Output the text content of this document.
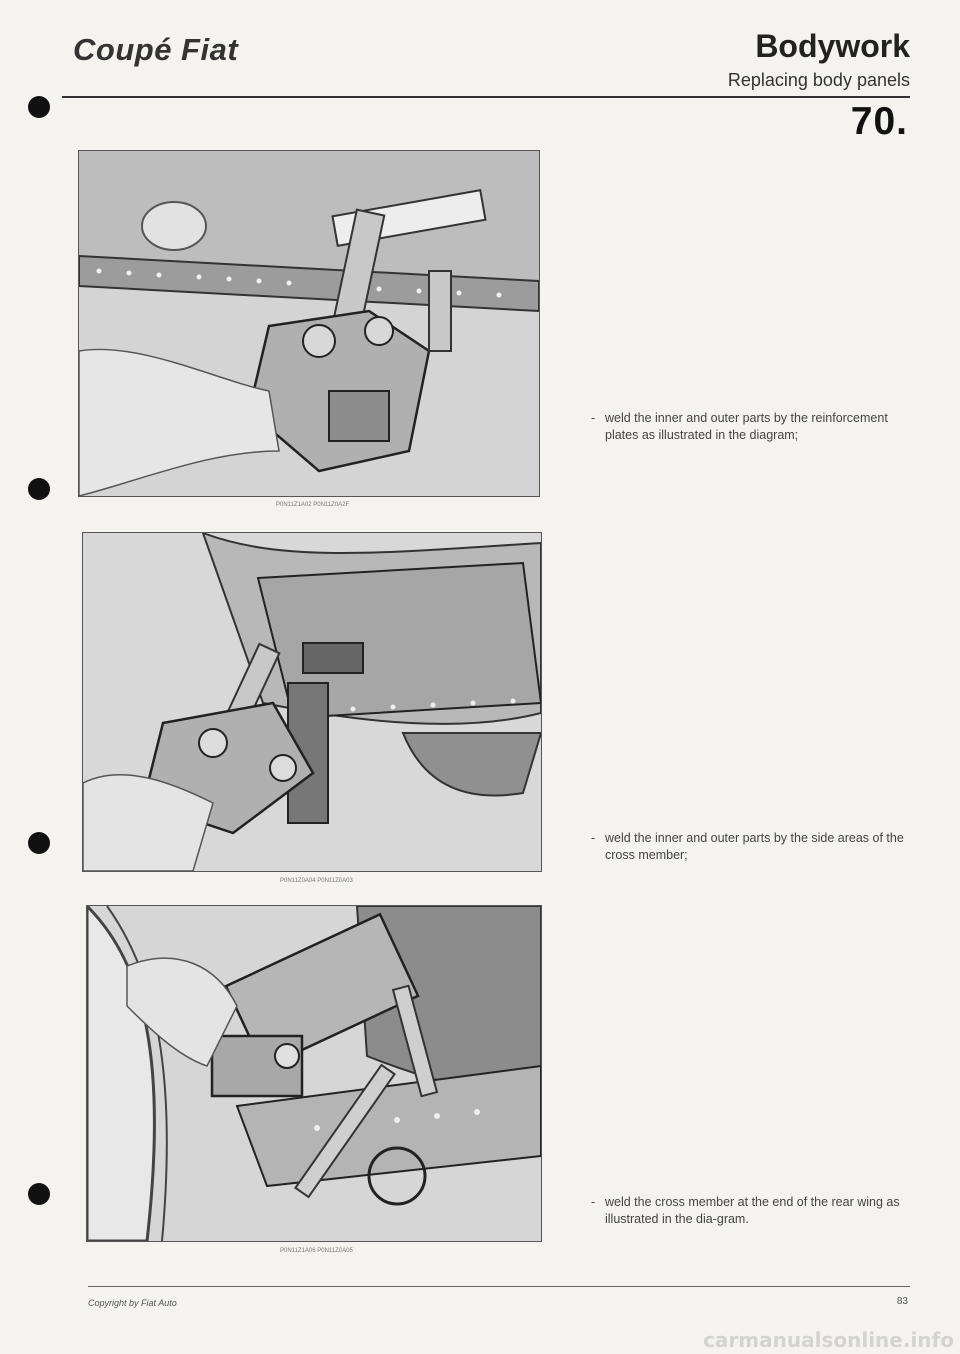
Coupé Fiat	Bodywork
Replacing body panels
70.
P0N11Z1A02 P0N11Z0A2F
P0N11Z0A04 P0N11Z0A03
P0N11Z1A06 P0N11Z0A05
- weld the inner and outer parts by the reinforcement plates as illustrated in the diagram;
- weld the inner and outer parts by the side areas of the cross member;
- weld the cross member at the end of the rear wing as illustrated in the dia-gram.
Copyright by Fiat Auto	83
carmanualsonline.info
